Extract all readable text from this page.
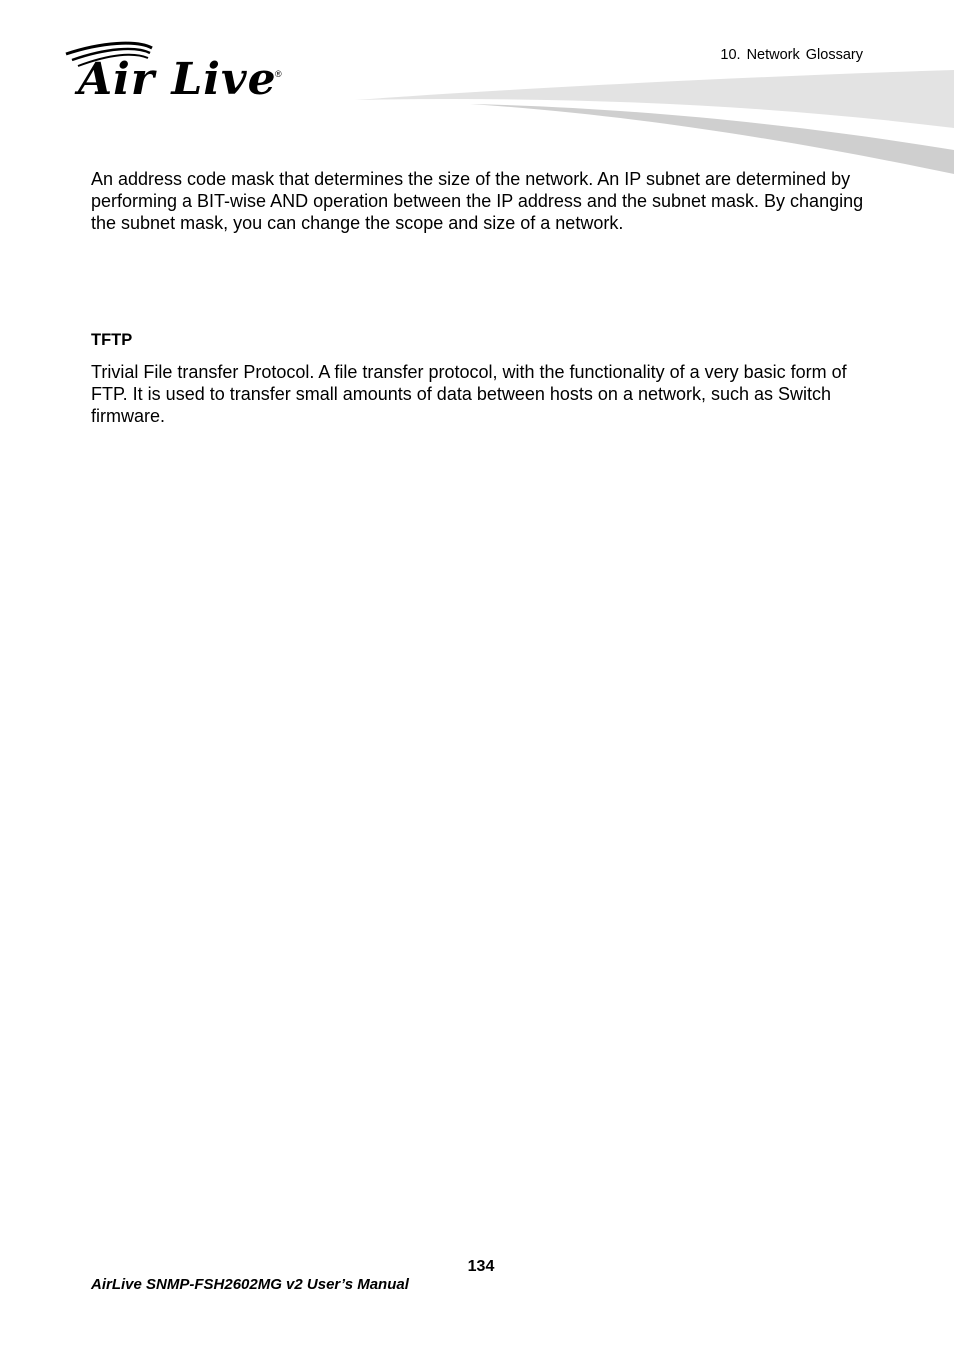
Air Live
®
10. Network Glossary

An address code mask that determines the size of the network. An IP subnet are determined by performing a BIT-wise AND operation between the IP address and the subnet mask. By changing the subnet mask, you can change the scope and size of a network.

TFTP

Trivial File transfer Protocol. A file transfer protocol, with the functionality of a very basic form of FTP. It is used to transfer small amounts of data between hosts on a network, such as Switch firmware.

134
AirLive SNMP-FSH2602MG v2 User’s Manual
